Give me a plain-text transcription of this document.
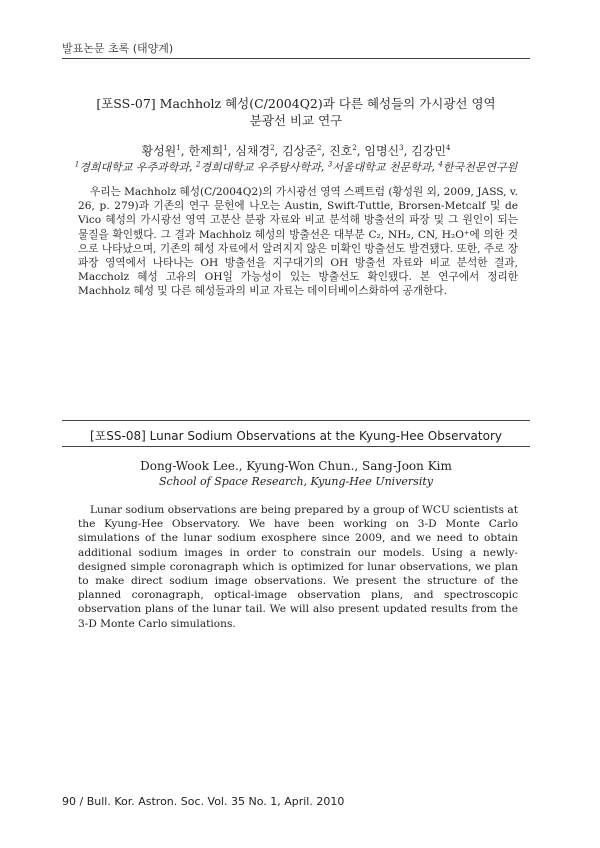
발표논문 초록 (태양계)
[포SS-07] Machholz 혜성(C/2004Q2)과 다른 혜성들의 가시광선 영역
분광선 비교 연구
황성원$^1$, 한제희$^1$, 심채경$^2$, 김상준$^2$, 진호$^2$, 임명신$^3$, 김강민$^4$
$^1$경희대학교 우주과학과, $^2$경희대학교 우주탐사학과, $^3$서울대학교 천문학과, $^4$한국천문연구원

우리는 Machholz 혜성(C/2004Q2)의 가시광선 영역 스펙트럼 (황성원 외, 2009, JASS, v. 26, p. 279)과 기존의 연구 문헌에 나오는 Austin, Swift-Tuttle, Brorsen-Metcalf 및 de Vico 혜성의 가시광선 영역 고분산 분광 자료와 비교 분석해 방출선의 파장 및 그 원인이 되는 물질을 확인했다. 그 결과 Machholz 혜성의 방출선은 대부분 C₂, NH₂, CN, H₂O⁺에 의한 것으로 나타났으며, 기존의 혜성 자료에서 알려지지 않은 미확인 방출선도 발견됐다. 또한, 주로 장파장 영역에서 나타나는 OH 방출선을 지구대기의 OH 방출선 자료와 비교 분석한 결과, Maccholz 혜성 고유의 OH일 가능성이 있는 방출선도 확인됐다. 본 연구에서 정리한 Machholz 혜성 및 다른 혜성들과의 비교 자료는 데이터베이스화하여 공개한다.

[포SS-08] Lunar Sodium Observations at the Kyung-Hee Observatory
Dong-Wook Lee., Kyung-Won Chun., Sang-Joon Kim
School of Space Research, Kyung-Hee University

Lunar sodium observations are being prepared by a group of WCU scientists at the Kyung-Hee Observatory. We have been working on 3-D Monte Carlo simulations of the lunar sodium exosphere since 2009, and we need to obtain additional sodium images in order to constrain our models. Using a newly-designed simple coronagraph which is optimized for lunar observations, we plan to make direct sodium image observations. We present the structure of the planned coronagraph, optical-image observation plans, and spectroscopic observation plans of the lunar tail. We will also present updated results from the 3-D Monte Carlo simulations.

90 / Bull. Kor. Astron. Soc. Vol. 35 No. 1, April. 2010
